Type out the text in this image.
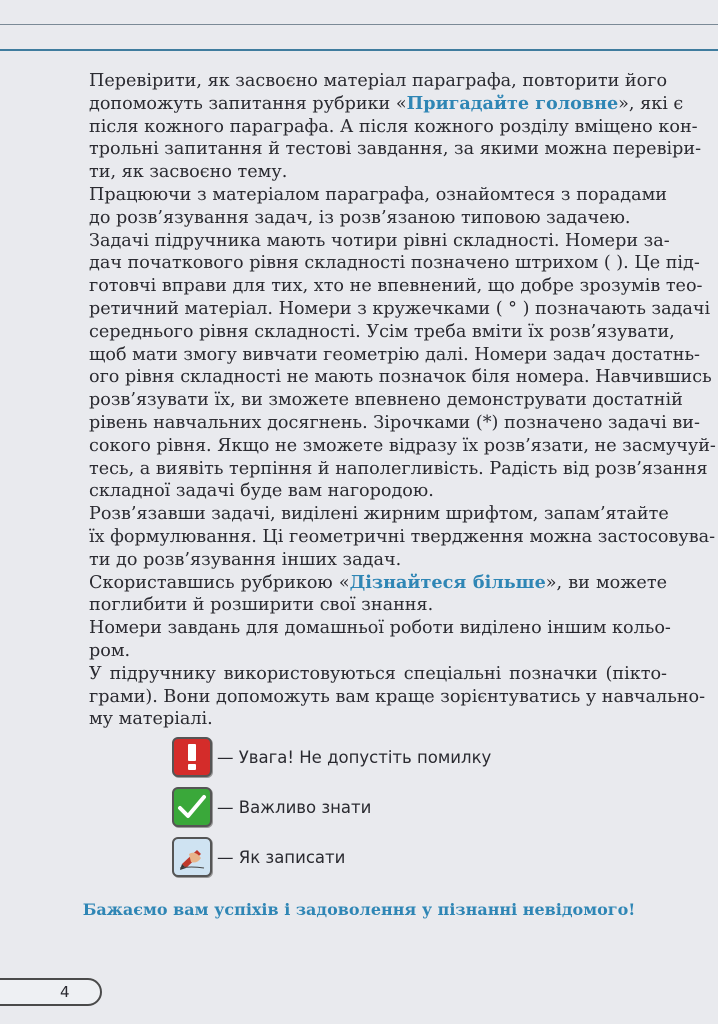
Перевірити, як засвоєно матеріал параграфа, повторити його
допоможуть запитання рубрики «Пригадайте головне», які є
після кожного параграфа. А після кожного розділу вміщено кон-
трольні запитання й тестові завдання, за якими можна перевіри-
ти, як засвоєно тему.
Працюючи з матеріалом параграфа, ознайомтеся з порадами
до розв’язування задач, із розв’язаною типовою задачею.
Задачі підручника мають чотири рівні складності. Номери за-
дач початкового рівня складності позначено штрихом ( ). Це під-
готовчі вправи для тих, хто не впевнений, що добре зрозумів тео-
ретичний матеріал. Номери з кружечками ( ° ) позначають задачі
середнього рівня складності. Усім треба вміти їх розв’язувати,
щоб мати змогу вивчати геометрію далі. Номери задач достатнь-
ого рівня складності не мають позначок біля номера. Навчившись
розв’язувати їх, ви зможете впевнено демонструвати достатній
рівень навчальних досягнень. Зірочками (*) позначено задачі ви-
сокого рівня. Якщо не зможете відразу їх розв’язати, не засмучуй-
тесь, а виявіть терпіння й наполегливість. Радість від розв’язання
складної задачі буде вам нагородою.
Розв’язавши задачі, виділені жирним шрифтом, запам’ятайте
їх формулювання. Ці геометричні твердження можна застосовува-
ти до розв’язування інших задач.
Скориставшись рубрикою «Дізнайтеся більше», ви можете
поглибити й розширити свої знання.
Номери завдань для домашньої роботи виділено іншим кольо-
ром.
У підручнику використовуються спеціальні позначки (пікто-
грами). Вони допоможуть вам краще зорієнтуватись у навчально-
му матеріалі.
— Увага! Не допустіть помилку
— Важливо знати
— Як записати
Бажаємо вам успіхів і задоволення у пізнанні невідомого!
4
